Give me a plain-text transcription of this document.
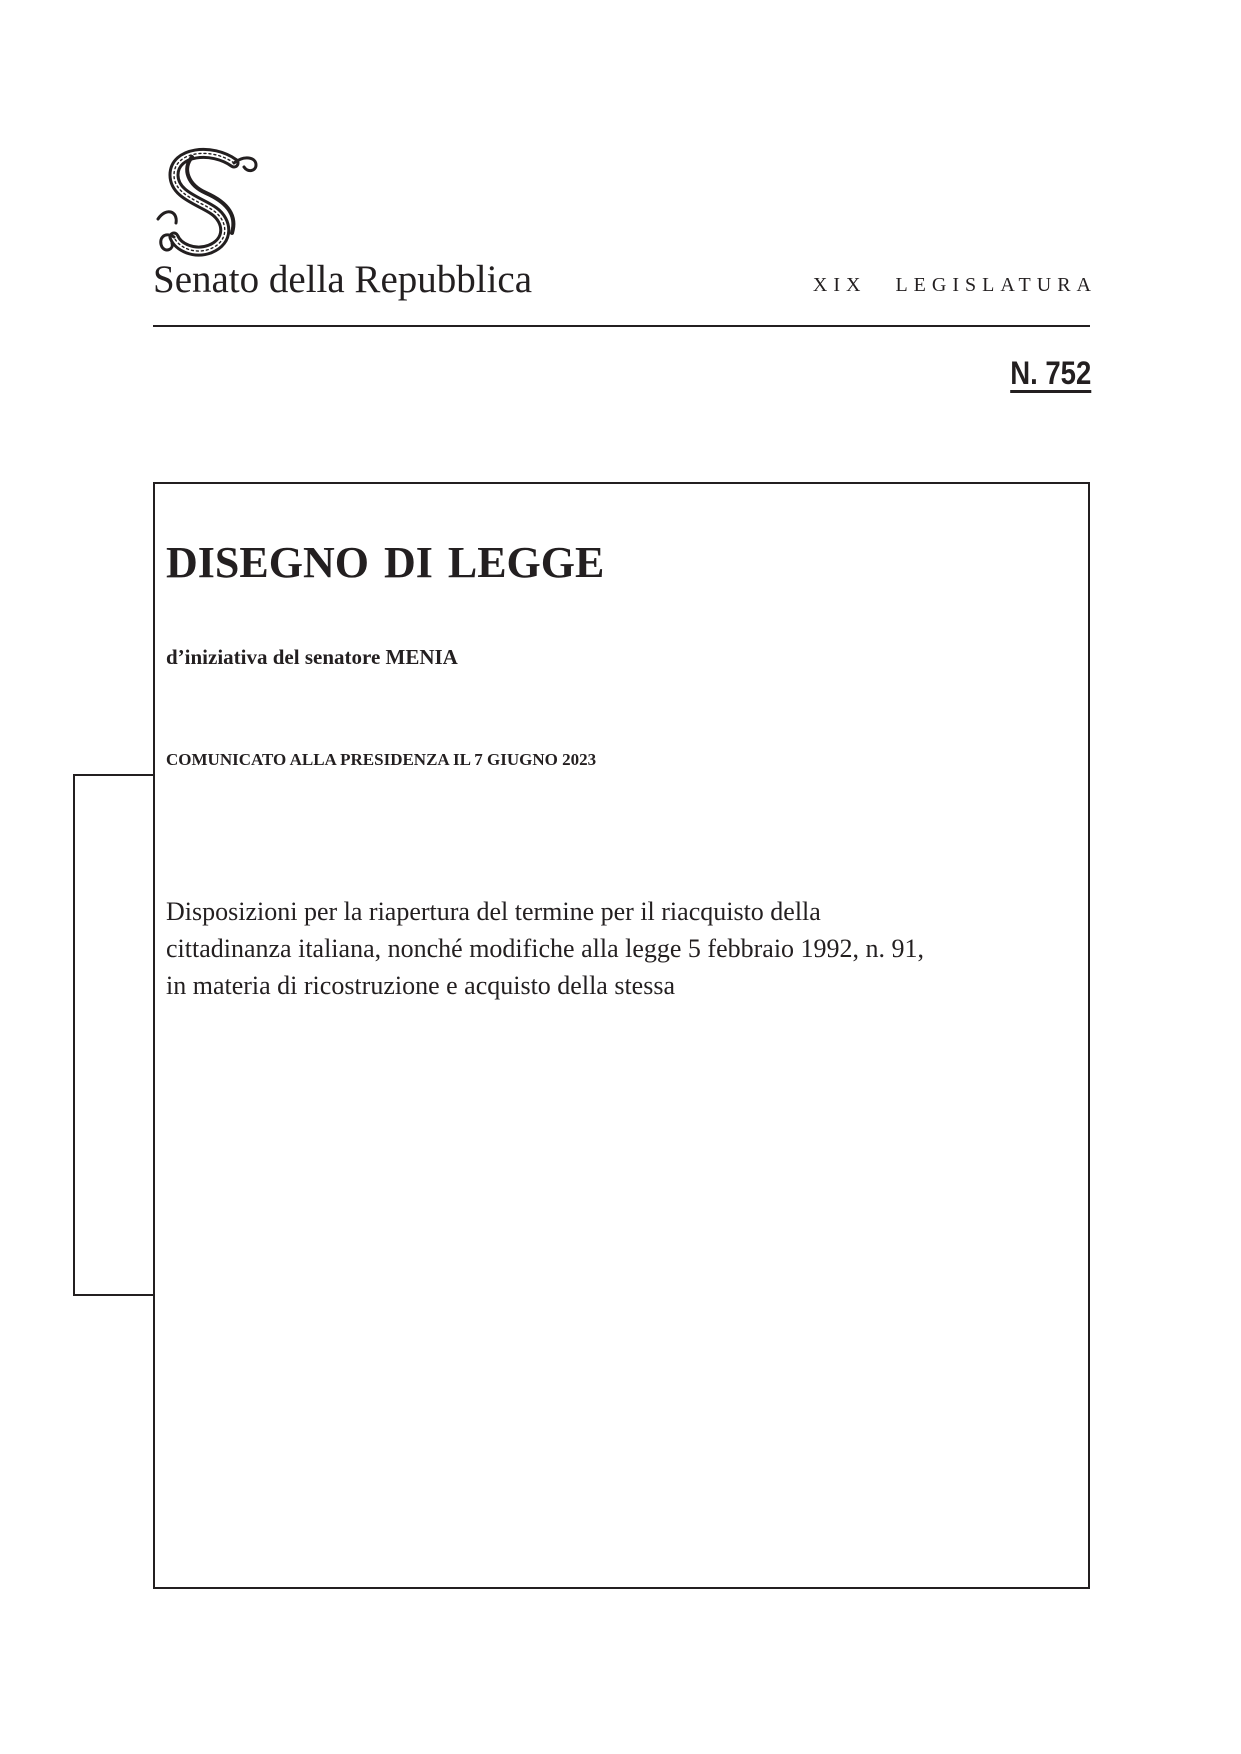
Senato della Repubblica	XIX LEGISLATURA
N. 752
DISEGNO DI LEGGE
d’iniziativa del senatore MENIA
COMUNICATO ALLA PRESIDENZA IL 7 GIUGNO 2023
Disposizioni per la riapertura del termine per il riacquisto della
cittadinanza italiana, nonché modifiche alla legge 5 febbraio 1992, n. 91,
in materia di ricostruzione e acquisto della stessa
